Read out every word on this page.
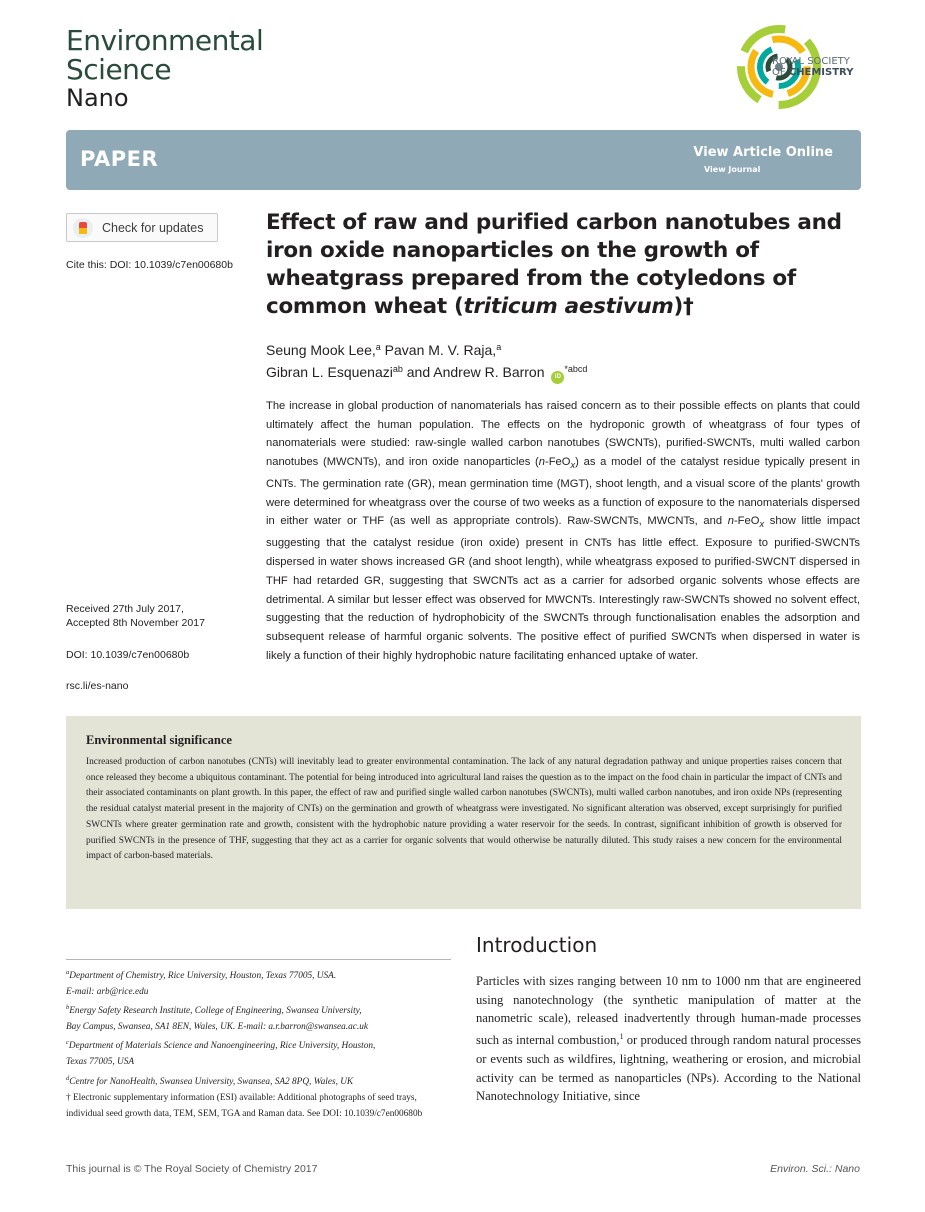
Environmental
Science
Nano
ROYAL SOCIETY
OF CHEMISTRY
PAPER	View Article Online
View Journal
Check for updates
Cite this: DOI: 10.1039/c7en00680b
Received 27th July 2017,
Accepted 8th November 2017
DOI: 10.1039/c7en00680b
rsc.li/es-nano
Effect of raw and purified carbon nanotubes and iron oxide nanoparticles on the growth of wheatgrass prepared from the cotyledons of common wheat (triticum aestivum)†
Seung Mook Lee,$^a$ Pavan M. V. Raja,$^a$
Gibran L. Esquenazi$^{ab}$ and Andrew R. Barron $iD^{*abcd}$
The increase in global production of nanomaterials has raised concern as to their possible effects on plants that could ultimately affect the human population. The effects on the hydroponic growth of wheatgrass of four types of nanomaterials were studied: raw-single walled carbon nanotubes (SWCNTs), purified-SWCNTs, multi walled carbon nanotubes (MWCNTs), and iron oxide nanoparticles (n-FeO$_x$) as a model of the catalyst residue typically present in CNTs. The germination rate (GR), mean germination time (MGT), shoot length, and a visual score of the plants' growth were determined for wheatgrass over the course of two weeks as a function of exposure to the nanomaterials dispersed in either water or THF (as well as appropriate controls). Raw-SWCNTs, MWCNTs, and n-FeO$_x$ show little impact suggesting that the catalyst residue (iron oxide) present in CNTs has little effect. Exposure to purified-SWCNTs dispersed in water shows increased GR (and shoot length), while wheatgrass exposed to purified-SWCNT dispersed in THF had retarded GR, suggesting that SWCNTs act as a carrier for adsorbed organic solvents whose effects are detrimental. A similar but lesser effect was observed for MWCNTs. Interestingly raw-SWCNTs showed no solvent effect, suggesting that the reduction of hydrophobicity of the SWCNTs through functionalisation enables the adsorption and subsequent release of harmful organic solvents. The positive effect of purified SWCNTs when dispersed in water is likely a function of their highly hydrophobic nature facilitating enhanced uptake of water.
Environmental significance
Increased production of carbon nanotubes (CNTs) will inevitably lead to greater environmental contamination. The lack of any natural degradation pathway and unique properties raises concern that once released they become a ubiquitous contaminant. The potential for being introduced into agricultural land raises the question as to the impact on the food chain in particular the impact of CNTs and their associated contaminants on plant growth. In this paper, the effect of raw and purified single walled carbon nanotubes (SWCNTs), multi walled carbon nanotubes, and iron oxide NPs (representing the residual catalyst material present in the majority of CNTs) on the germination and growth of wheatgrass were investigated. No significant alteration was observed, except surprisingly for purified SWCNTs where greater germination rate and growth, consistent with the hydrophobic nature providing a water reservoir for the seeds. In contrast, significant inhibition of growth is observed for purified SWCNTs in the presence of THF, suggesting that they act as a carrier for organic solvents that would otherwise be naturally diluted. This study raises a new concern for the environmental impact of carbon-based materials.
$^a$Department of Chemistry, Rice University, Houston, Texas 77005, USA.
E-mail: arb@rice.edu
$^b$Energy Safety Research Institute, College of Engineering, Swansea University,
Bay Campus, Swansea, SA1 8EN, Wales, UK. E-mail: a.r.barron@swansea.ac.uk
$^c$Department of Materials Science and Nanoengineering, Rice University, Houston,
Texas 77005, USA
$^d$Centre for NanoHealth, Swansea University, Swansea, SA2 8PQ, Wales, UK
† Electronic supplementary information (ESI) available: Additional photographs of seed trays, individual seed growth data, TEM, SEM, TGA and Raman data. See DOI: 10.1039/c7en00680b
Introduction
Particles with sizes ranging between 10 nm to 1000 nm that are engineered using nanotechnology (the synthetic manipulation of matter at the nanometric scale), released inadvertently through human-made processes such as internal combustion,$^1$ or produced through random natural processes or events such as wildfires, lightning, weathering or erosion, and microbial activity can be termed as nanoparticles (NPs). According to the National Nanotechnology Initiative, since
This journal is © The Royal Society of Chemistry 2017	Environ. Sci.: Nano
